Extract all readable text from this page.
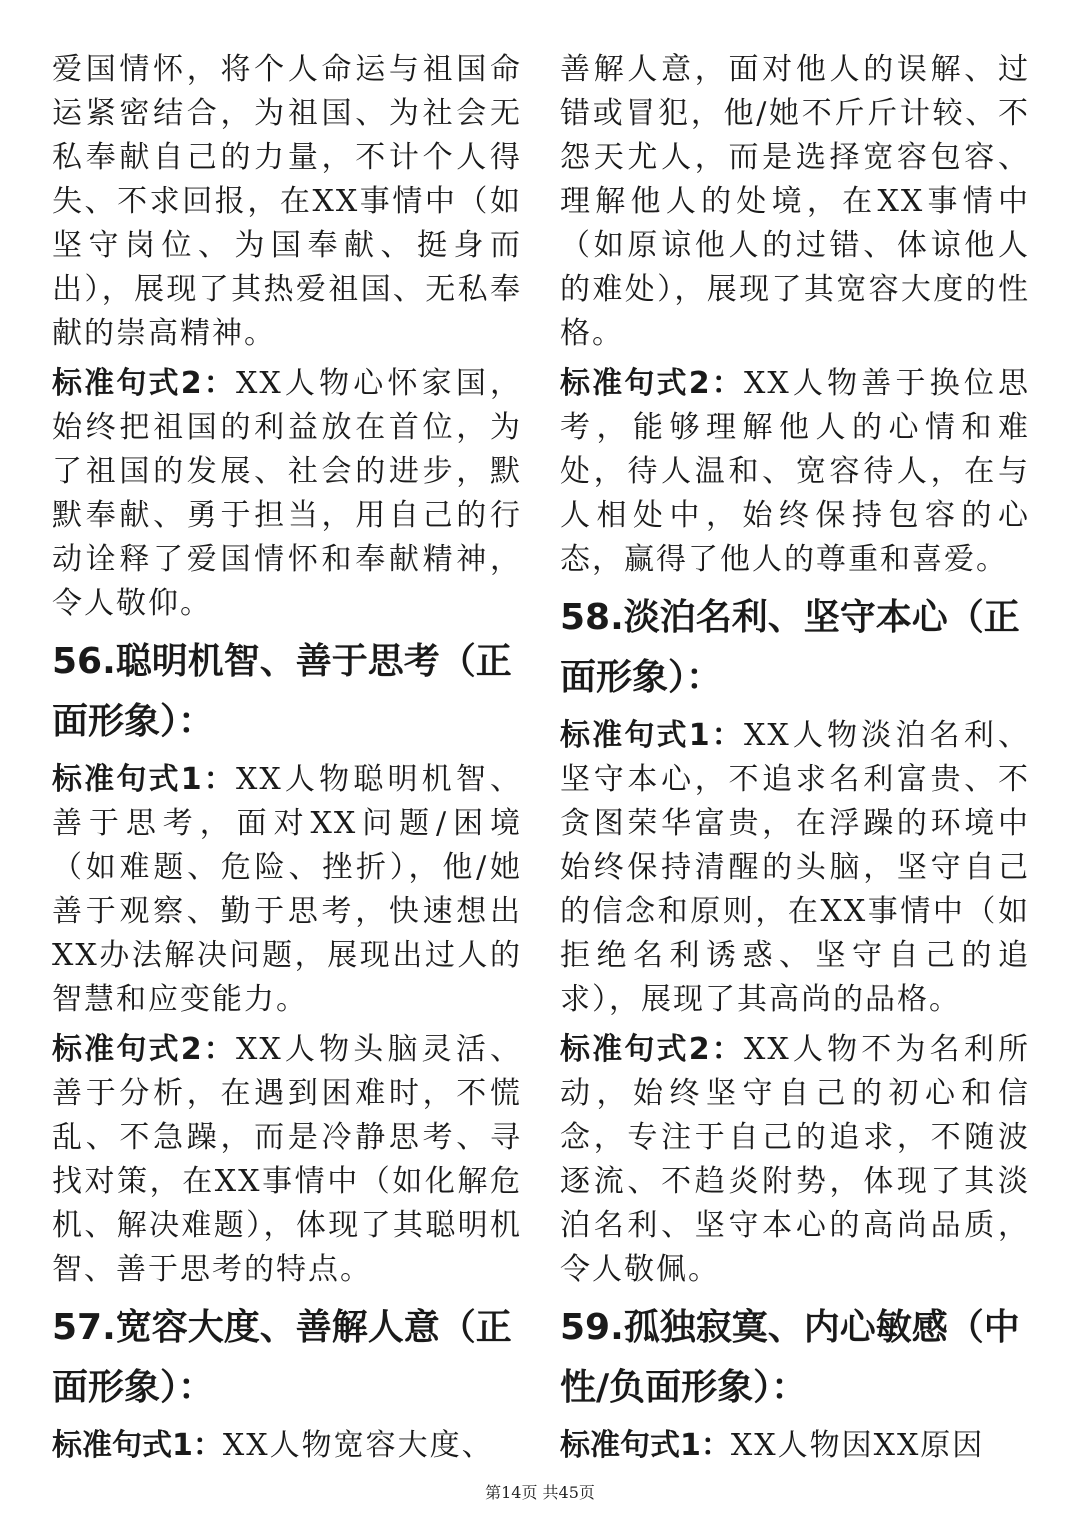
爱国情怀，将个人命运与祖国命运紧密结合，为祖国、为社会无私奉献自己的力量，不计个人得失、不求回报，在XX事情中（如坚守岗位、为国奉献、挺身而出），展现了其热爱祖国、无私奉献的崇高精神。

标准句式2：XX人物心怀家国，始终把祖国的利益放在首位，为了祖国的发展、社会的进步，默默奉献、勇于担当，用自己的行动诠释了爱国情怀和奉献精神，令人敬仰。

56.聪明机智、善于思考（正面形象）：

标准句式1：XX人物聪明机智、善于思考，面对XX问题/困境（如难题、危险、挫折），他/她善于观察、勤于思考，快速想出XX办法解决问题，展现出过人的智慧和应变能力。

标准句式2：XX人物头脑灵活、善于分析，在遇到困难时，不慌乱、不急躁，而是冷静思考、寻找对策，在XX事情中（如化解危机、解决难题），体现了其聪明机智、善于思考的特点。

57.宽容大度、善解人意（正面形象）：

标准句式1：XX人物宽容大度、

善解人意，面对他人的误解、过错或冒犯，他/她不斤斤计较、不怨天尤人，而是选择宽容包容、理解他人的处境，在XX事情中（如原谅他人的过错、体谅他人的难处），展现了其宽容大度的性格。

标准句式2：XX人物善于换位思考，能够理解他人的心情和难处，待人温和、宽容待人，在与人相处中，始终保持包容的心态，赢得了他人的尊重和喜爱。

58.淡泊名利、坚守本心（正面形象）：

标准句式1：XX人物淡泊名利、坚守本心，不追求名利富贵、不贪图荣华富贵，在浮躁的环境中始终保持清醒的头脑，坚守自己的信念和原则，在XX事情中（如拒绝名利诱惑、坚守自己的追求），展现了其高尚的品格。

标准句式2：XX人物不为名利所动，始终坚守自己的初心和信念，专注于自己的追求，不随波逐流、不趋炎附势，体现了其淡泊名利、坚守本心的高尚品质，令人敬佩。

59.孤独寂寞、内心敏感（中性/负面形象）：

标准句式1：XX人物因XX原因

第14页 共45页
